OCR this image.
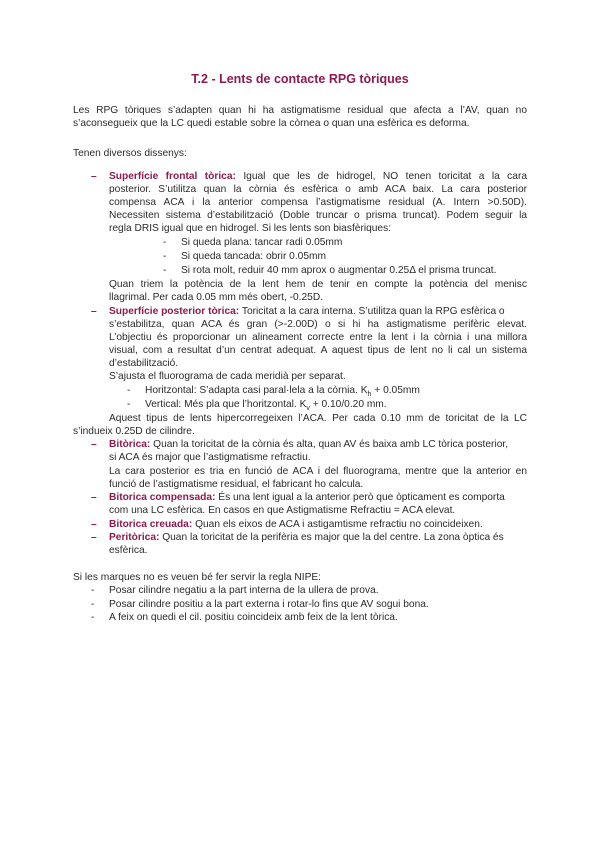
T.2 - Lents de contacte RPG tòriques
Les RPG tòriques s’adapten quan hi ha astigmatisme residual que afecta a l’AV, quan no
s’aconsegueix que la LC quedi estable sobre la còrnea o quan una esfèrica es deforma.
Tenen diversos dissenys:
– Superfície frontal tòrica: Igual que les de hidrogel, NO tenen toricitat a la cara
posterior. S’utilitza quan la còrnia és esfèrica o amb ACA baix. La cara posterior
compensa ACA i la anterior compensa l’astigmatisme residual (A. Intern >0.50D).
Necessiten sistema d’estabilització (Doble truncar o prisma truncat). Podem seguir la
regla DRIS igual que en hidrogel. Si les lents son biasfèriques:
- Si queda plana: tancar radi 0.05mm
- Si queda tancada: obrir 0.05mm
- Si rota molt, reduir 40 mm aprox o augmentar 0.25Δ el prisma truncat.
Quan triem la potència de la lent hem de tenir en compte la potència del menisc
llagrimal. Per cada 0.05 mm més obert, -0.25D.
– Superfície posterior tòrica: Toricitat a la cara interna. S’utilitza quan la RPG esfèrica o
s’estabilitza, quan ACA és gran (>-2.00D) o si hi ha astigmatisme perifèric elevat.
L’objectiu és proporcionar un alineament correcte entre la lent i la còrnia i una millora
visual, com a resultat d’un centrat adequat. A aquest tipus de lent no li cal un sistema
d’estabilització.
S’ajusta el fluorograma de cada meridià per separat.
- Horitzontal: S’adapta casi paral·lela a la còrnia. $K_h + 0.05mm$
- Vertical: Més pla que l’horitzontal. $K_v + 0.10/0.20$ mm.
Aquest tipus de lents hipercorregeixen l’ACA. Per cada 0.10 mm de toricitat de la LC
s’indueix 0.25D de cilindre.
– Bitòrica: Quan la toricitat de la còrnia és alta, quan AV és baixa amb LC tòrica posterior,
si ACA és major que l’astigmatisme refractiu.
La cara posterior es tria en funció de ACA i del fluorograma, mentre que la anterior en
funció de l’astigmatisme residual, el fabricant ho calcula.
– Bitorica compensada: És una lent igual a la anterior però que òpticament es comporta
com una LC esfèrica. En casos en que Astigmatisme Refractiu = ACA elevat.
– Bitorica creuada: Quan els eixos de ACA i astigamtisme refractiu no coincideixen.
– Peritòrica: Quan la toricitat de la perifèria es major que la del centre. La zona òptica és
esfèrica.
Si les marques no es veuen bé fer servir la regla NIPE:
- Posar cilindre negatiu a la part interna de la ullera de prova.
- Posar cilindre positiu a la part externa i rotar-lo fins que AV sogui bona.
- A feix on quedi el cil. positiu coincideix amb feix de la lent tòrica.
